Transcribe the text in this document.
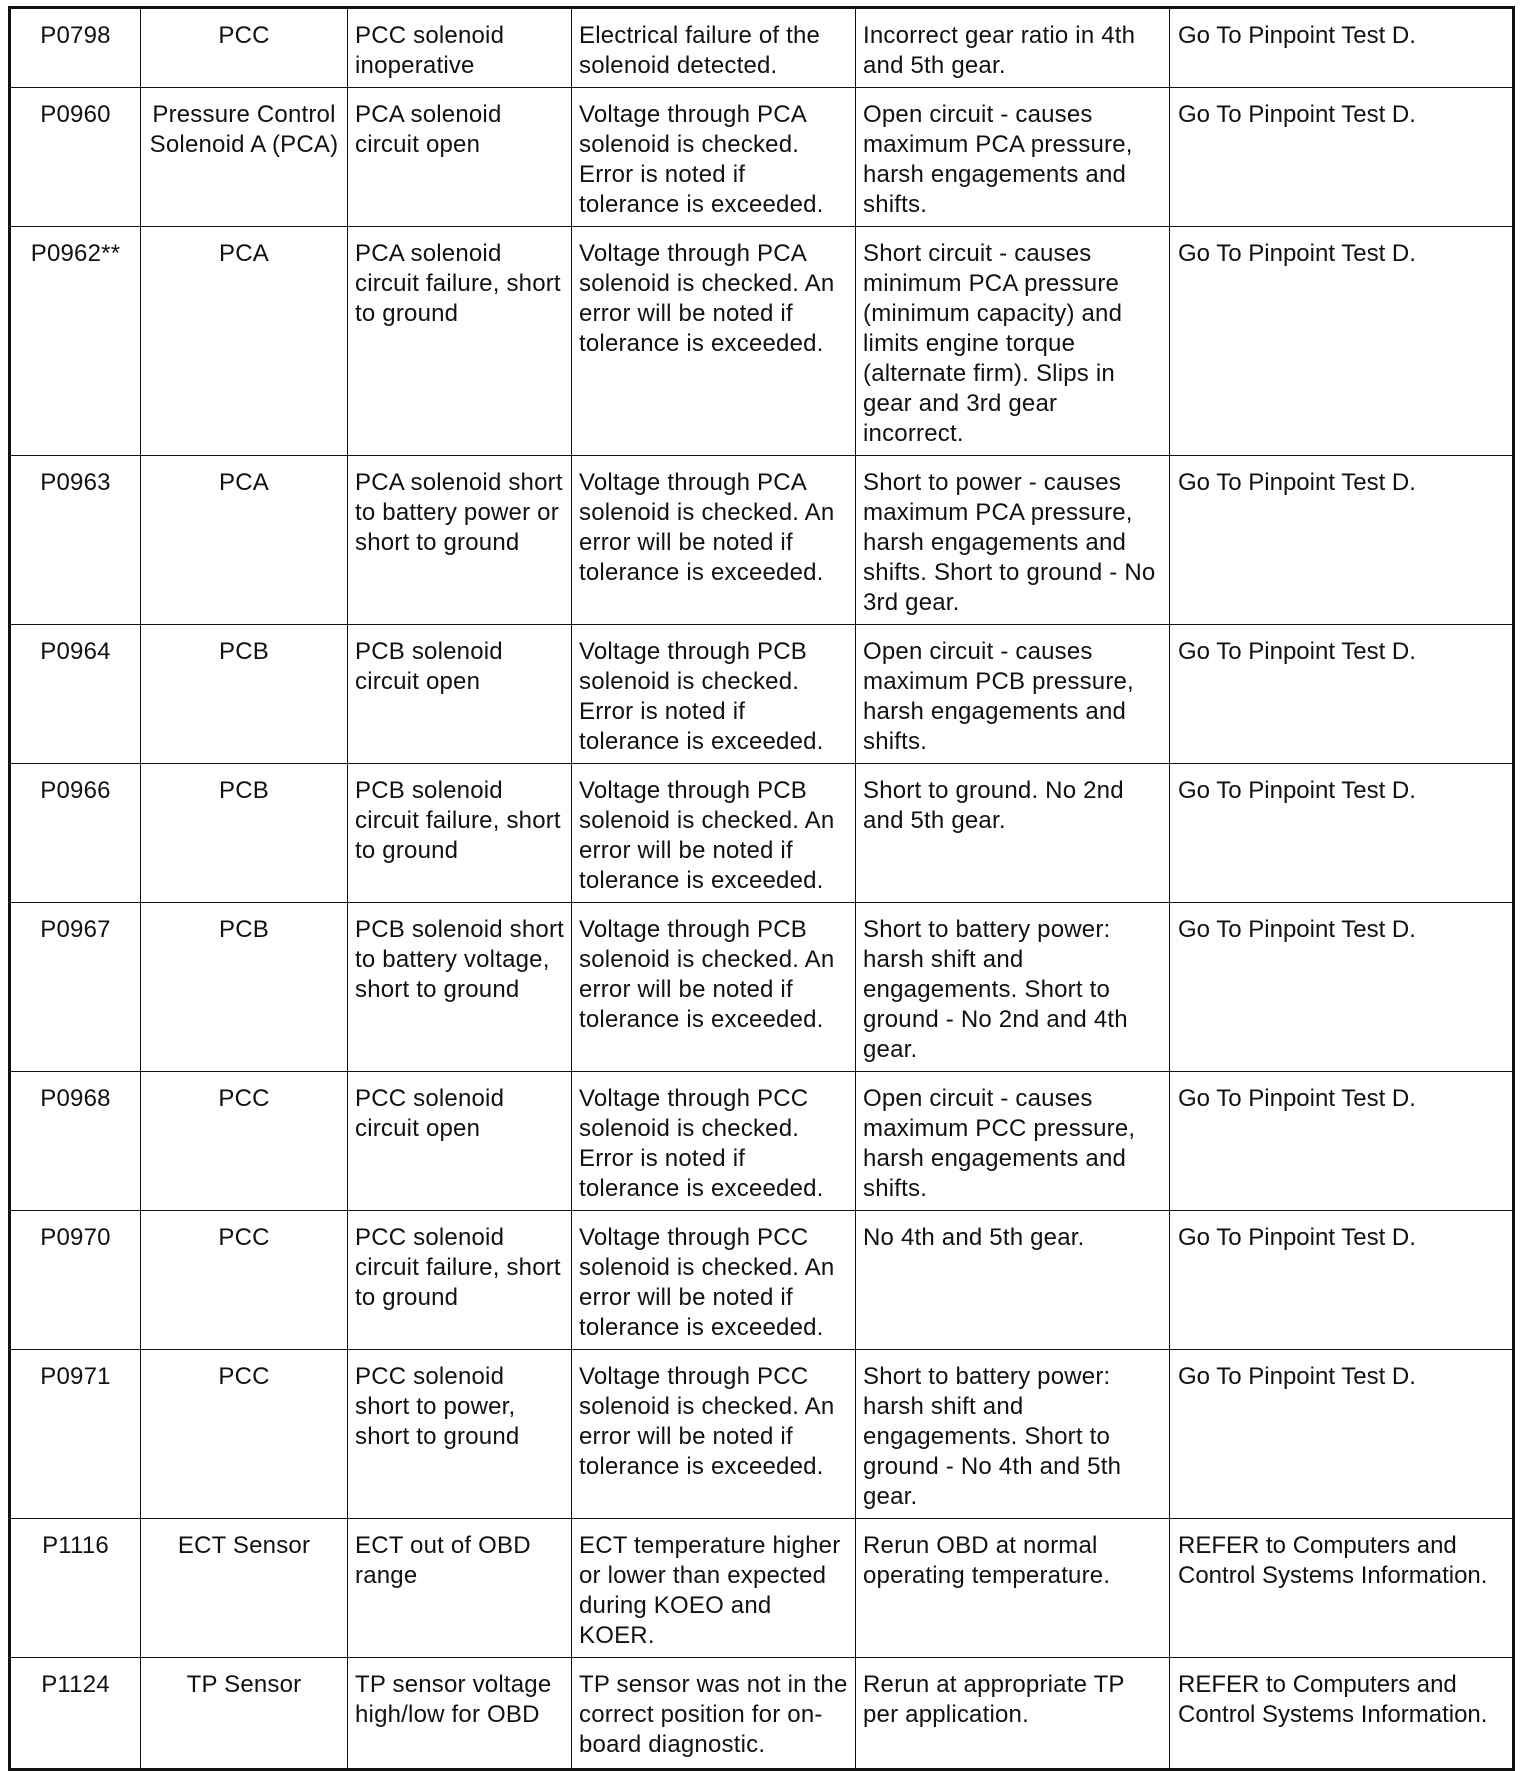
P0798	PCC	PCC solenoid inoperative	Electrical failure of the solenoid detected.	Incorrect gear ratio in 4th and 5th gear.	Go To Pinpoint Test D.
P0960	Pressure Control Solenoid A (PCA)	PCA solenoid circuit open	Voltage through PCA solenoid is checked. Error is noted if tolerance is exceeded.	Open circuit - causes maximum PCA pressure, harsh engagements and shifts.	Go To Pinpoint Test D.
P0962**	PCA	PCA solenoid circuit failure, short to ground	Voltage through PCA solenoid is checked. An error will be noted if tolerance is exceeded.	Short circuit - causes minimum PCA pressure (minimum capacity) and limits engine torque (alternate firm). Slips in gear and 3rd gear incorrect.	Go To Pinpoint Test D.
P0963	PCA	PCA solenoid short to battery power or short to ground	Voltage through PCA solenoid is checked. An error will be noted if tolerance is exceeded.	Short to power - causes maximum PCA pressure, harsh engagements and shifts. Short to ground - No 3rd gear.	Go To Pinpoint Test D.
P0964	PCB	PCB solenoid circuit open	Voltage through PCB solenoid is checked. Error is noted if tolerance is exceeded.	Open circuit - causes maximum PCB pressure, harsh engagements and shifts.	Go To Pinpoint Test D.
P0966	PCB	PCB solenoid circuit failure, short to ground	Voltage through PCB solenoid is checked. An error will be noted if tolerance is exceeded.	Short to ground. No 2nd and 5th gear.	Go To Pinpoint Test D.
P0967	PCB	PCB solenoid short to battery voltage, short to ground	Voltage through PCB solenoid is checked. An error will be noted if tolerance is exceeded.	Short to battery power: harsh shift and engagements. Short to ground - No 2nd and 4th gear.	Go To Pinpoint Test D.
P0968	PCC	PCC solenoid circuit open	Voltage through PCC solenoid is checked. Error is noted if tolerance is exceeded.	Open circuit - causes maximum PCC pressure, harsh engagements and shifts.	Go To Pinpoint Test D.
P0970	PCC	PCC solenoid circuit failure, short to ground	Voltage through PCC solenoid is checked. An error will be noted if tolerance is exceeded.	No 4th and 5th gear.	Go To Pinpoint Test D.
P0971	PCC	PCC solenoid short to power, short to ground	Voltage through PCC solenoid is checked. An error will be noted if tolerance is exceeded.	Short to battery power: harsh shift and engagements. Short to ground - No 4th and 5th gear.	Go To Pinpoint Test D.
P1116	ECT Sensor	ECT out of OBD range	ECT temperature higher or lower than expected during KOEO and KOER.	Rerun OBD at normal operating temperature.	REFER to Computers and Control Systems Information.
P1124	TP Sensor	TP sensor voltage high/low for OBD	TP sensor was not in the correct position for on-board diagnostic.	Rerun at appropriate TP per application.	REFER to Computers and Control Systems Information.
